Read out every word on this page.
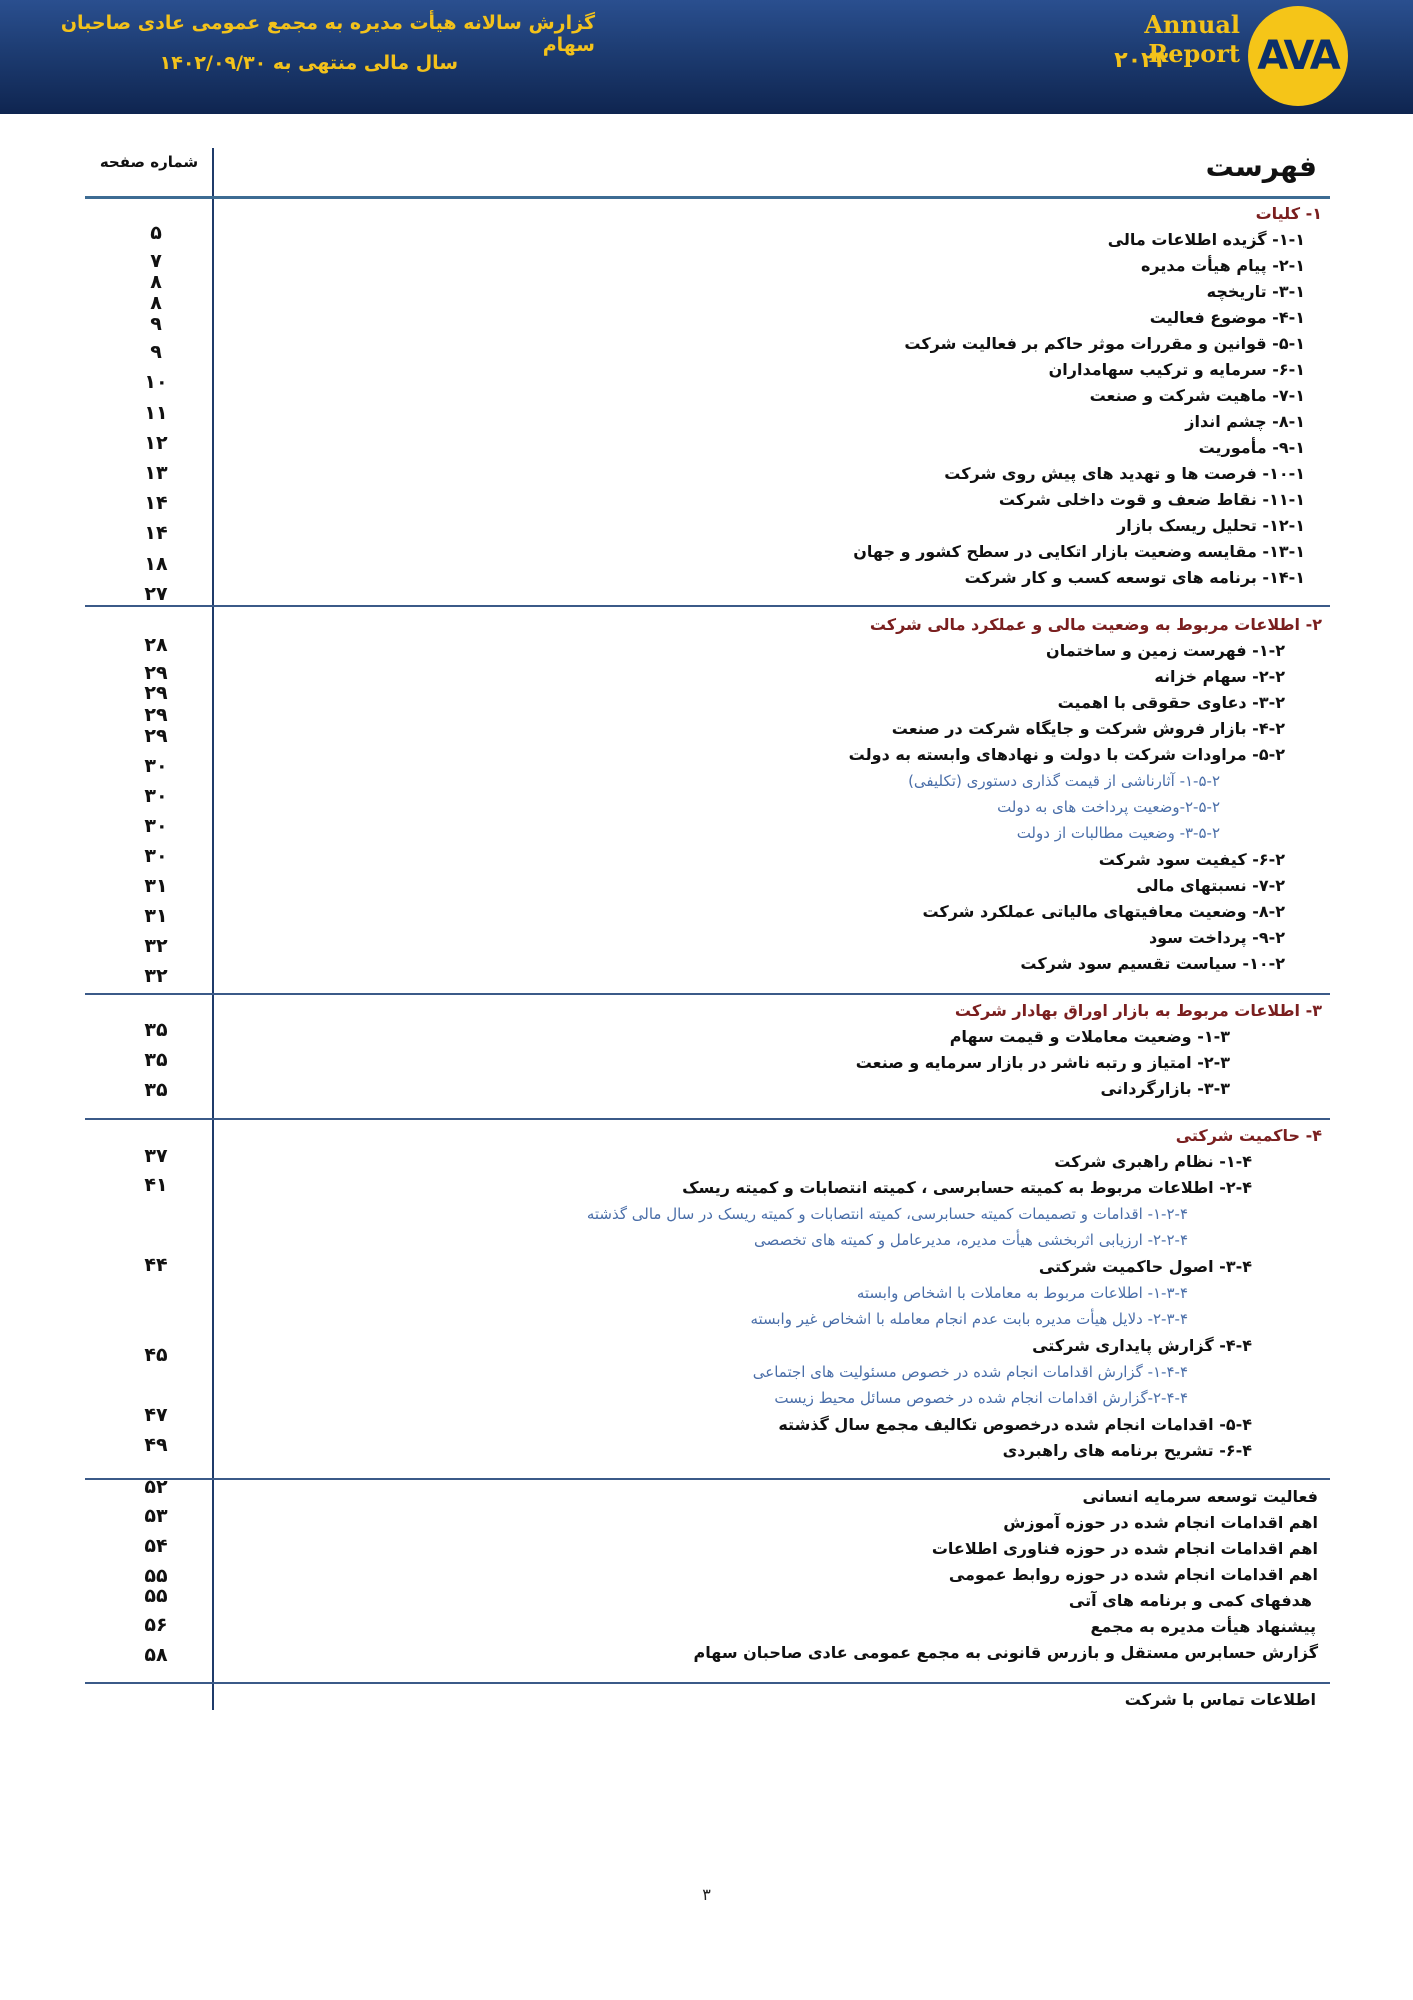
AVA
Annual Report
۲۰۲۳
گزارش سالانه هیأت مدیره به مجمع عمومی عادی صاحبان سهام
سال مالی منتهی به ۱۴۰۲/۰۹/۳۰
شماره صفحه	فهرست
۱- کلیات
۱-۱- گزیده اطلاعات مالی
۲-۱- پیام هیأت مدیره
۳-۱- تاریخچه
۴-۱- موضوع فعالیت
۵-۱- قوانین و مقررات موثر حاکم بر فعالیت شرکت
۶-۱- سرمایه و ترکیب سهامداران
۷-۱- ماهیت شرکت و صنعت
۸-۱- چشم انداز
۹-۱- مأموریت
۱۰-۱- فرصت ها و تهدید های پیش روی شرکت
۱۱-۱- نقاط ضعف و قوت داخلی شرکت
۱۲-۱- تحلیل ریسک بازار
۱۳-۱- مقایسه وضعیت بازار اتکایی در سطح کشور و جهان
۱۴-۱- برنامه های توسعه کسب و کار شرکت
۲- اطلاعات مربوط به وضعیت مالی و عملکرد مالی شرکت
۱-۲- فهرست زمین و ساختمان
۲-۲- سهام خزانه
۳-۲- دعاوی حقوقی با اهمیت
۴-۲- بازار فروش شرکت و جایگاه شرکت در صنعت
۵-۲- مراودات شرکت با دولت و نهادهای وابسته به دولت
۱-۵-۲- آثارناشی از قیمت گذاری دستوری (تکلیفی)
۲-۵-۲-وضعیت پرداخت های به دولت
۳-۵-۲- وضعیت مطالبات از دولت
۶-۲- کیفیت سود شرکت
۷-۲- نسبتهای مالی
۸-۲- وضعیت معافیتهای مالیاتی عملکرد شرکت
۹-۲- پرداخت سود
۱۰-۲- سیاست تقسیم سود شرکت
۳- اطلاعات مربوط به بازار اوراق بهادار شرکت
۱-۳- وضعیت معاملات و قیمت سهام
۲-۳- امتیاز و رتبه ناشر در بازار سرمایه و صنعت
۳-۳- بازارگردانی
۴- حاکمیت شرکتی
۱-۴- نظام راهبری شرکت
۲-۴- اطلاعات مربوط به کمیته حسابرسی ، کمیته انتصابات و کمیته ریسک
۱-۲-۴- اقدامات و تصمیمات کمیته حسابرسی، کمیته انتصابات و کمیته ریسک در سال مالی گذشته
۲-۲-۴- ارزیابی اثربخشی هیأت مدیره، مدیرعامل و کمیته های تخصصی
۳-۴- اصول حاکمیت شرکتی
۱-۳-۴- اطلاعات مربوط به معاملات با اشخاص وابسته
۲-۳-۴- دلایل هیأت مدیره بابت عدم انجام معامله با اشخاص غیر وابسته
۴-۴- گزارش پایداری شرکتی
۱-۴-۴- گزارش اقدامات انجام شده در خصوص مسئولیت های اجتماعی
۲-۴-۴-گزارش اقدامات انجام شده در خصوص مسائل محیط زیست
۵-۴- اقدامات انجام شده درخصوص تکالیف مجمع سال گذشته
۶-۴- تشریح برنامه های راهبردی
فعالیت توسعه سرمایه انسانی
اهم اقدامات انجام شده در حوزه آموزش
اهم اقدامات انجام شده در حوزه فناوری اطلاعات
اهم اقدامات انجام شده در حوزه روابط عمومی
هدفهای کمی و برنامه های آتی
پیشنهاد هیأت مدیره به مجمع
گزارش حسابرس مستقل و بازرس قانونی به مجمع عمومی عادی صاحبان سهام
اطلاعات تماس با شرکت
۵
۷
۸
۸
۹
۹
۱۰
۱۱
۱۲
۱۳
۱۴
۱۴
۱۸
۲۷
۲۸
۲۹
۲۹
۲۹
۲۹
۳۰
۳۰
۳۰
۳۰
۳۱
۳۱
۳۲
۳۲
۳۵
۳۵
۳۵
۳۷
۴۱
۴۴
۴۵
۴۷
۴۹
۵۲
۵۳
۵۴
۵۵
۵۵
۵۶
۵۸
۳
